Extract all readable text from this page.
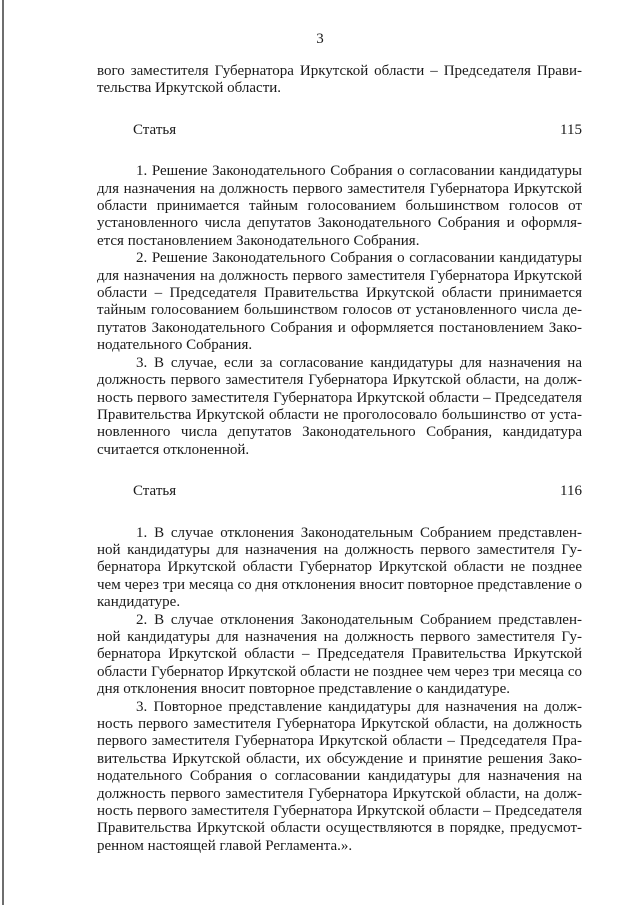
3

вого заместителя Губернатора Иркутской области – Председателя Прави-

тельства Иркутской области.

Статья 115

1. Решение Законодательного Собрания о согласовании кандидатуры

для назначения на должность первого заместителя Губернатора Иркутской

области принимается тайным голосованием большинством голосов от

установленного числа депутатов Законодательного Собрания и оформля-

ется постановлением Законодательного Собрания.

2. Решение Законодательного Собрания о согласовании кандидатуры

для назначения на должность первого заместителя Губернатора Иркутской

области – Председателя Правительства Иркутской области принимается

тайным голосованием большинством голосов от установленного числа де-

путатов Законодательного Собрания и оформляется постановлением Зако-

нодательного Собрания.

3. В случае, если за согласование кандидатуры для назначения на

должность первого заместителя Губернатора Иркутской области, на долж-

ность первого заместителя Губернатора Иркутской области – Председателя

Правительства Иркутской области не проголосовало большинство от уста-

новленного числа депутатов Законодательного Собрания, кандидатура

считается отклоненной.

Статья 116

1. В случае отклонения Законодательным Собранием представлен-

ной кандидатуры для назначения на должность первого заместителя Гу-

бернатора Иркутской области Губернатор Иркутской области не позднее

чем через три месяца со дня отклонения вносит повторное представление о

кандидатуре.

2. В случае отклонения Законодательным Собранием представлен-

ной кандидатуры для назначения на должность первого заместителя Гу-

бернатора Иркутской области – Председателя Правительства Иркутской

области Губернатор Иркутской области не позднее чем через три месяца со

дня отклонения вносит повторное представление о кандидатуре.

3. Повторное представление кандидатуры для назначения на долж-

ность первого заместителя Губернатора Иркутской области, на должность

первого заместителя Губернатора Иркутской области – Председателя Пра-

вительства Иркутской области, их обсуждение и принятие решения Зако-

нодательного Собрания о согласовании кандидатуры для назначения на

должность первого заместителя Губернатора Иркутской области, на долж-

ность первого заместителя Губернатора Иркутской области – Председателя

Правительства Иркутской области осуществляются в порядке, предусмот-

ренном настоящей главой Регламента.».
